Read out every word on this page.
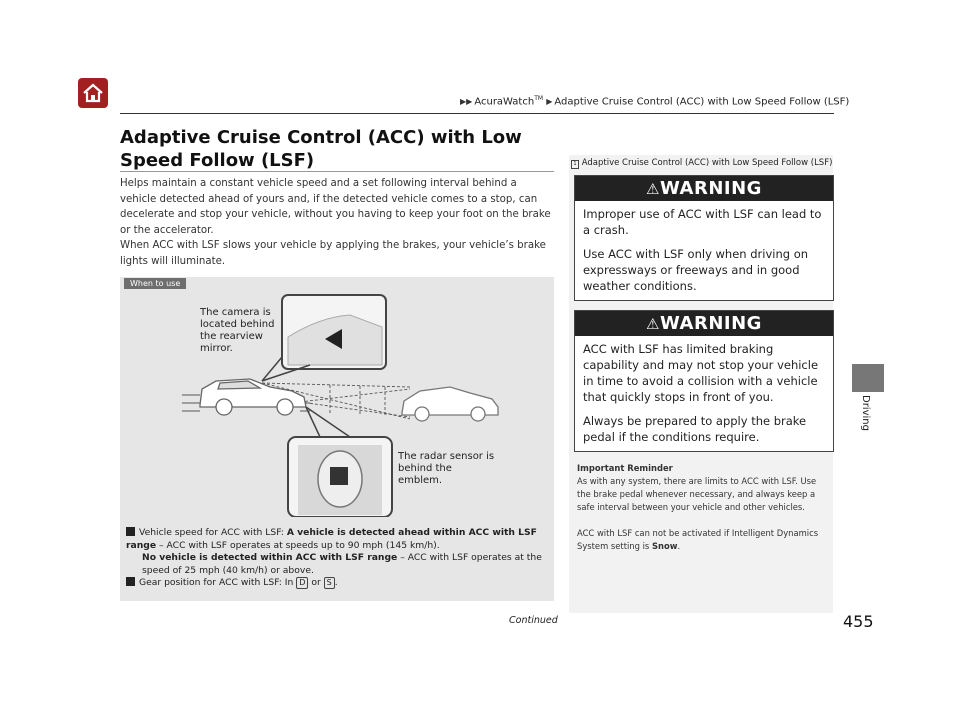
▶▶ AcuraWatch™ ▶ Adaptive Cruise Control (ACC) with Low Speed Follow (LSF)
Driving
Adaptive Cruise Control (ACC) with Low Speed Follow (LSF)

Helps maintain a constant vehicle speed and a set following interval behind a vehicle detected ahead of yours and, if the detected vehicle comes to a stop, can decelerate and stop your vehicle, without you having to keep your foot on the brake or the accelerator.

When ACC with LSF slows your vehicle by applying the brakes, your vehicle’s brake lights will illuminate.

When to use
The camera is located behind the rearview mirror.
The radar sensor is behind the emblem.

Vehicle speed for ACC with LSF: A vehicle is detected ahead within ACC with LSF range – ACC with LSF operates at speeds up to 90 mph (145 km/h).

No vehicle is detected within ACC with LSF range – ACC with LSF operates at the speed of 25 mph (40 km/h) or above.

Gear position for ACC with LSF: In D or S .

1 Adaptive Cruise Control (ACC) with Low Speed Follow (LSF)
⚠WARNING

Improper use of ACC with LSF can lead to a crash.

Use ACC with LSF only when driving on expressways or freeways and in good weather conditions.

⚠WARNING

ACC with LSF has limited braking capability and may not stop your vehicle in time to avoid a collision with a vehicle that quickly stops in front of you.

Always be prepared to apply the brake pedal if the conditions require.

Important Reminder

As with any system, there are limits to ACC with LSF. Use the brake pedal whenever necessary, and always keep a safe interval between your vehicle and other vehicles.

ACC with LSF can not be activated if Intelligent Dynamics System setting is Snow.

Continued	455
